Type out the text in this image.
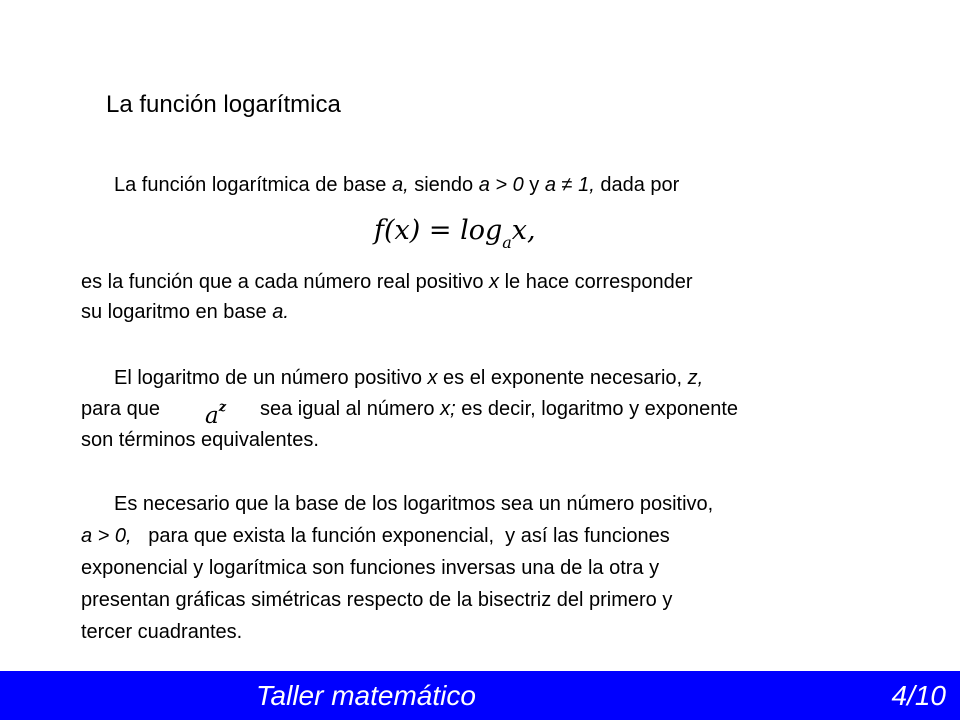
La función logarítmica
La función logarítmica de base a, siendo a > 0 y a ≠ 1, dada por
$f(x) = \log_ax$,
es la función que a cada número real positivo x le hace corresponder
su logaritmo en base a.
El logaritmo de un número positivo x es el exponente necesario, z,
para que $a^z$ sea igual al número x; es decir, logaritmo y exponente
son términos equivalentes.
Es necesario que la base de los logaritmos sea un número positivo,
a > 0,   para que exista la función exponencial,  y así las funciones
exponencial y logarítmica son funciones inversas una de la otra y
presentan gráficas simétricas respecto de la bisectriz del primero y
tercer cuadrantes.
Taller matemático	4/10
